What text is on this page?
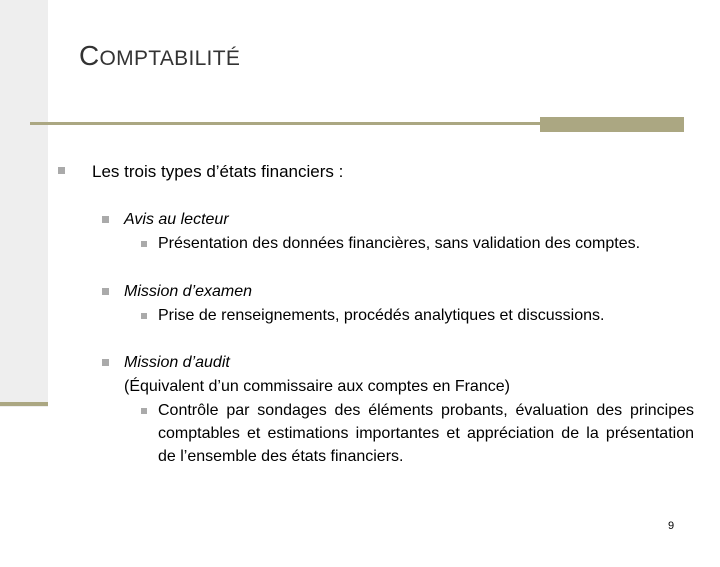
COMPTABILITÉ
Les trois types d’états financiers :
Avis au lecteur
Présentation des données financières, sans validation des comptes.
Mission d’examen
Prise de renseignements, procédés analytiques et discussions.
Mission d’audit
(Équivalent d’un commissaire aux comptes en France)
Contrôle par sondages des éléments probants, évaluation des principes comptables et estimations importantes et appréciation de la présentation de l’ensemble des états financiers.
9
